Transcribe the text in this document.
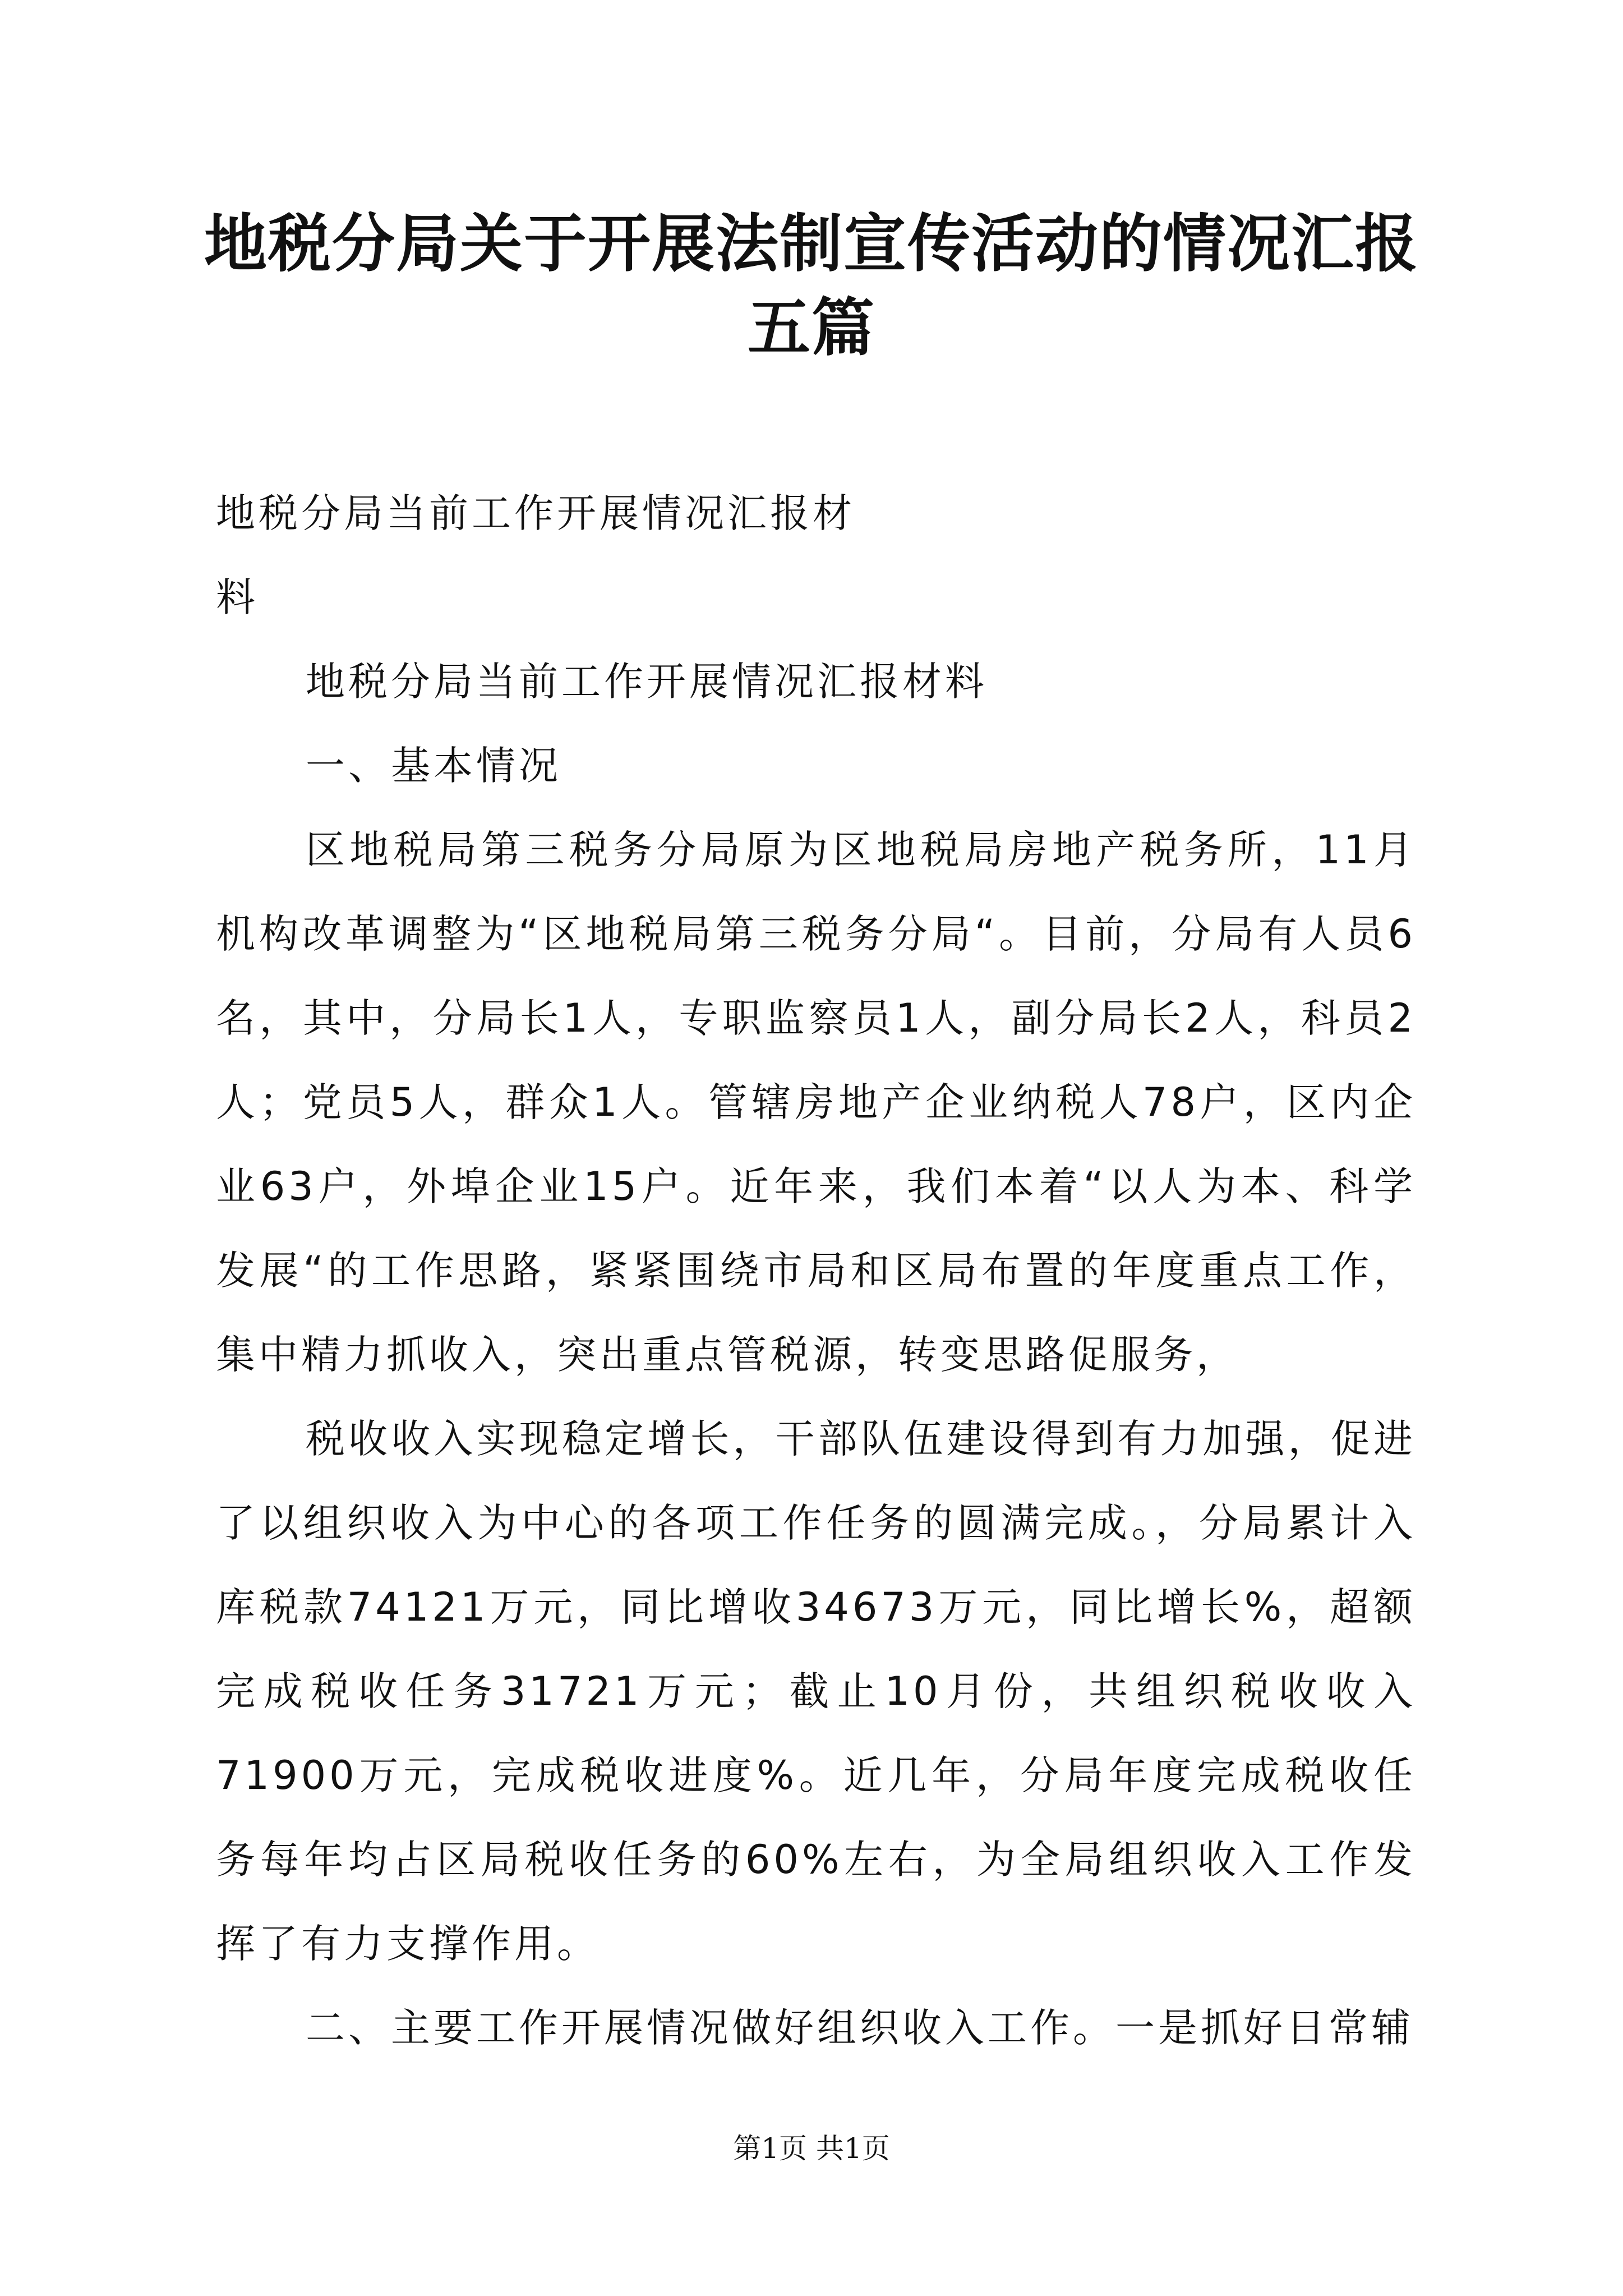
地税分局关于开展法制宣传活动的情况汇报五篇

地税分局当前工作开展情况汇报材料

地税分局当前工作开展情况汇报材料

一、基本情况

区地税局第三税务分局原为区地税局房地产税务所，11月机构改革调整为“区地税局第三税务分局“。目前，分局有人员6名，其中，分局长1人，专职监察员1人，副分局长2人，科员2人；党员5人，群众1人。管辖房地产企业纳税人78户，区内企业63户，外埠企业15户。近年来，我们本着“以人为本、科学发展“的工作思路，紧紧围绕市局和区局布置的年度重点工作，集中精力抓收入，突出重点管税源，转变思路促服务，

税收收入实现稳定增长，干部队伍建设得到有力加强，促进了以组织收入为中心的各项工作任务的圆满完成。，分局累计入库税款74121万元，同比增收34673万元，同比增长%，超额完成税收任务31721万元；截止10月份，共组织税收收入71900万元，完成税收进度%。近几年，分局年度完成税收任务每年均占区局税收任务的60%左右，为全局组织收入工作发挥了有力支撑作用。

二、主要工作开展情况做好组织收入工作。一是抓好日常辅

第1页 共1页
